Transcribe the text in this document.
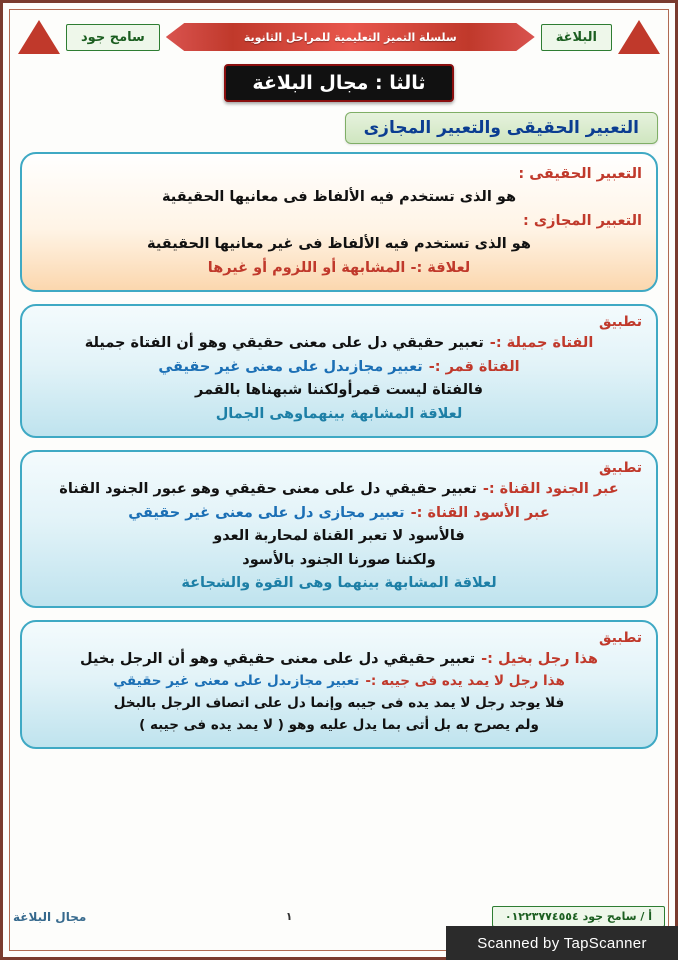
البلاغة
سلسلة التميز التعليمية للمراحل الثانوية
سامح جود
ثالثا : مجال البلاغة
التعبير الحقيقى والتعبير المجازى
التعبير الحقيقى :
هو الذى تستخدم فيه الألفاظ فى معانيها الحقيقية
التعبير المجازى :
هو الذى تستخدم فيه الألفاظ فى غير معانيها الحقيقية
لعلاقة :- المشابهة أو اللزوم أو غيرها
تطبيق
الفتاة جميلة :-
تعبير حقيقي دل على معنى حقيقي وهو أن الفتاة جميلة
الفتاة قمر :-
تعبير مجازىدل على معنى غير حقيقي
فالفتاة ليست قمرأولكننا شبهناها بالقمر
لعلاقة المشابهة بينهماوهى الجمال
تطبيق
عبر الجنود القناة :-
تعبير حقيقي دل على معنى حقيقي وهو عبور الجنود القناة
عبر الأسود القناة :-
تعبير مجازى دل على معنى غير حقيقي
فالأسود لا تعبر القناة لمحاربة العدو
ولكننا صورنا الجنود بالأسود
لعلاقة المشابهة بينهما وهى القوة والشجاعة
تطبيق
هذا رجل بخيل :-
تعبير حقيقي دل على معنى حقيقي وهو أن الرجل بخيل
هذا رجل لا يمد يده فى جيبه :-
تعبير مجازىدل على معنى غير حقيقي
فلا يوجد رجل لا يمد يده فى جيبه وإنما دل على اتصاف الرجل بالبخل
ولم يصرح به بل أتى بما يدل عليه وهو ( لا يمد يده فى جيبه )
أ / سامح جود ٠١٢٢٣٧٧٤٥٥٤
١
مجال البلاغة
Scanned by TapScanner
